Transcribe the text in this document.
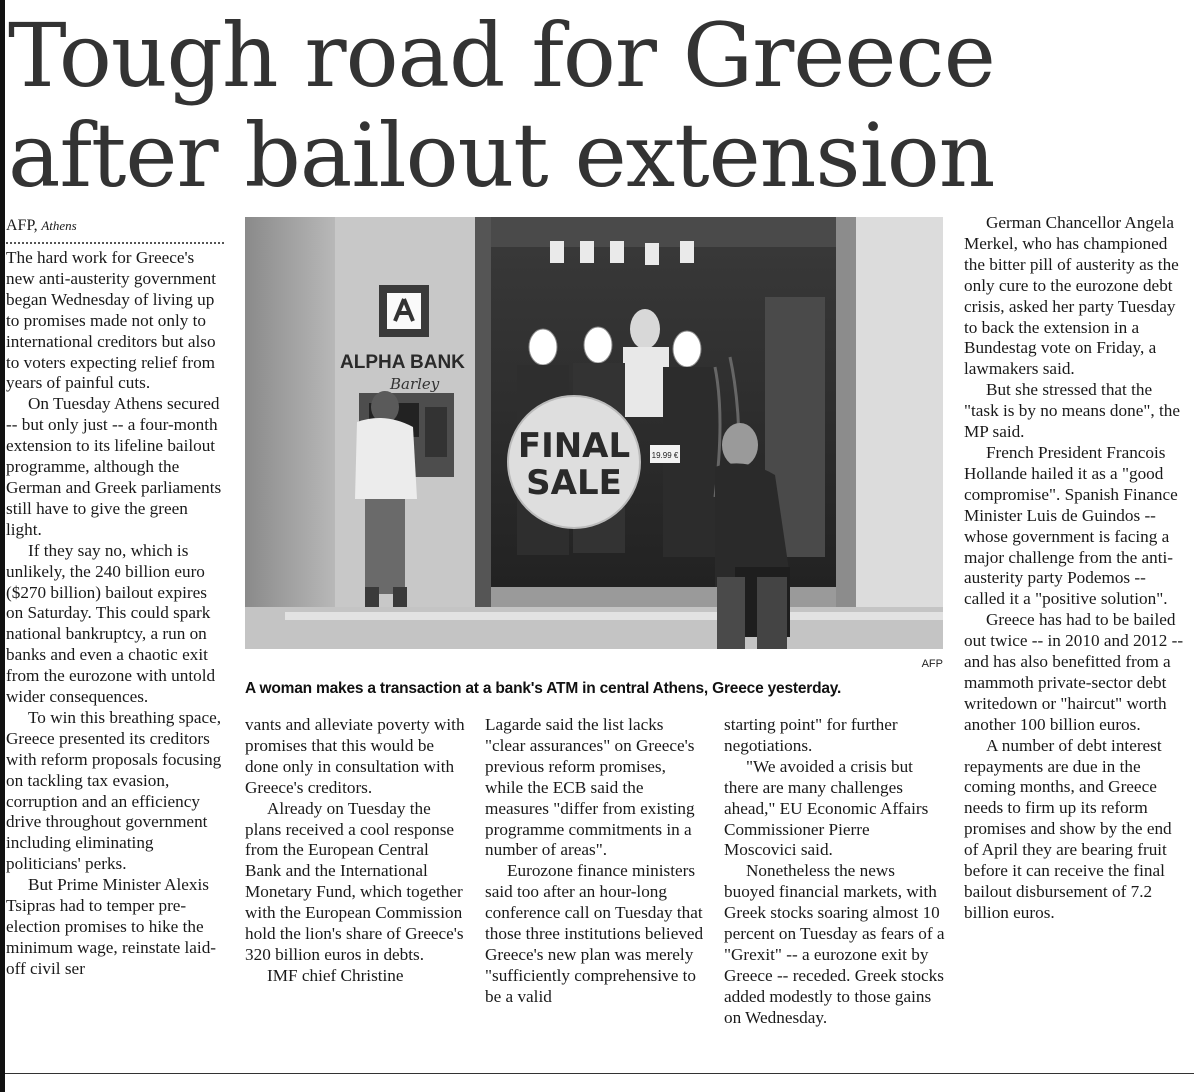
Tough road for Greece after bailout extension
AFP, Athens

The hard work for Greece's new anti-austerity government began Wednesday of living up to promises made not only to international creditors but also to voters expecting relief from years of painful cuts.

On Tuesday Athens secured -- but only just -- a four-month extension to its lifeline bailout programme, although the German and Greek parliaments still have to give the green light.

If they say no, which is unlikely, the 240 billion euro ($270 billion) bailout expires on Saturday. This could spark national bankruptcy, a run on banks and even a chaotic exit from the eurozone with untold wider consequences.

To win this breathing space, Greece presented its creditors with reform proposals focusing on tackling tax evasion, corruption and an efficiency drive throughout government including eliminating politicians' perks.

But Prime Minister Alexis Tsipras had to temper pre-election promises to hike the minimum wage, reinstate laid-off civil ser

ALPHA BANK
Barley
FINAL
SALE
19.99 €
AFP
A woman makes a transaction at a bank's ATM in central Athens, Greece yesterday.

vants and alleviate poverty with promises that this would be done only in consultation with Greece's creditors.

Already on Tuesday the plans received a cool response from the European Central Bank and the International Monetary Fund, which together with the European Commission hold the lion's share of Greece's 320 billion euros in debts.

IMF chief Christine

Lagarde said the list lacks "clear assurances" on Greece's previous reform promises, while the ECB said the measures "differ from existing programme commitments in a number of areas".

Eurozone finance ministers said too after an hour-long conference call on Tuesday that those three institutions believed Greece's new plan was merely "sufficiently comprehensive to be a valid

starting point" for further negotiations.

"We avoided a crisis but there are many challenges ahead," EU Economic Affairs Commissioner Pierre Moscovici said.

Nonetheless the news buoyed financial markets, with Greek stocks soaring almost 10 percent on Tuesday as fears of a "Grexit" -- a eurozone exit by Greece -- receded. Greek stocks added modestly to those gains on Wednesday.

German Chancellor Angela Merkel, who has championed the bitter pill of austerity as the only cure to the eurozone debt crisis, asked her party Tuesday to back the extension in a Bundestag vote on Friday, a lawmakers said.

But she stressed that the "task is by no means done", the MP said.

French President Francois Hollande hailed it as a "good compromise". Spanish Finance Minister Luis de Guindos -- whose government is facing a major challenge from the anti-austerity party Podemos -- called it a "positive solution".

Greece has had to be bailed out twice -- in 2010 and 2012 -- and has also benefitted from a mammoth private-sector debt writedown or "haircut" worth another 100 billion euros.

A number of debt interest repayments are due in the coming months, and Greece needs to firm up its reform promises and show by the end of April they are bearing fruit before it can receive the final bailout disbursement of 7.2 billion euros.
